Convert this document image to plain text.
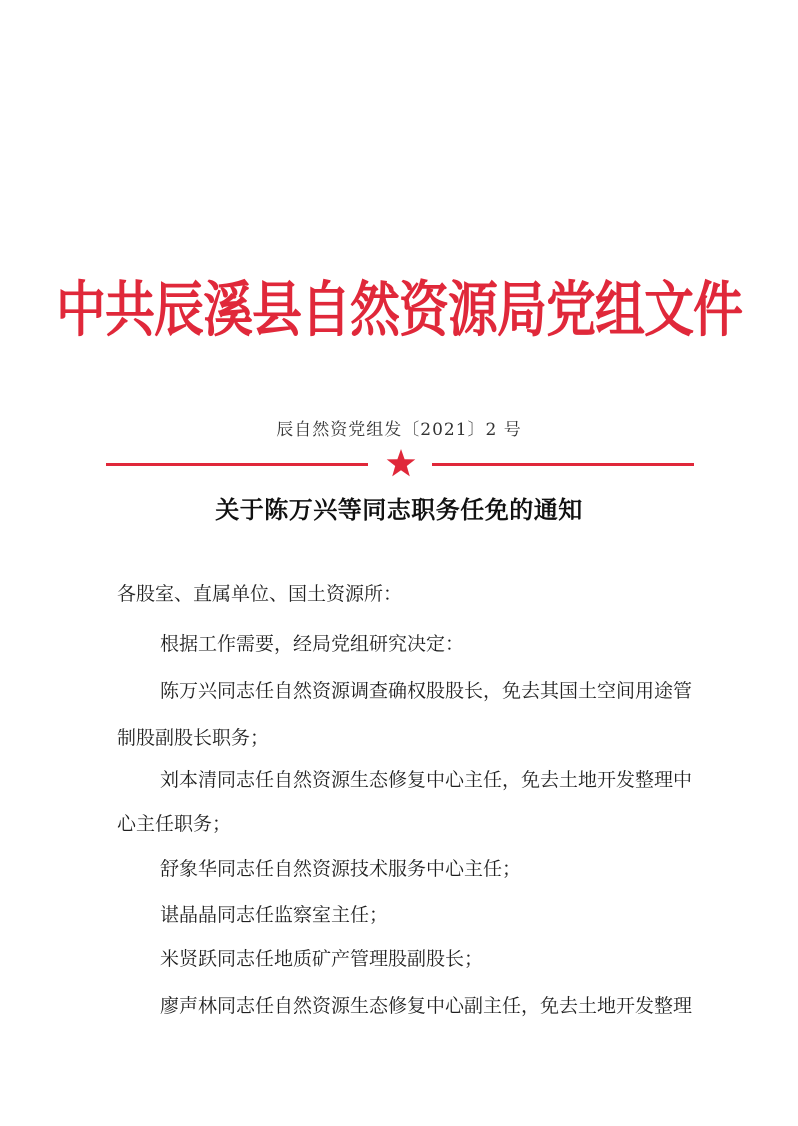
中共辰溪县自然资源局党组文件
辰自然资党组发〔2021〕2 号
关于陈万兴等同志职务任免的通知
各股室、直属单位、国土资源所：
根据工作需要，经局党组研究决定：
陈万兴同志任自然资源调查确权股股长，免去其国土空间用途管
制股副股长职务；
刘本清同志任自然资源生态修复中心主任，免去土地开发整理中
心主任职务；
舒象华同志任自然资源技术服务中心主任；
谌晶晶同志任监察室主任；
米贤跃同志任地质矿产管理股副股长；
廖声林同志任自然资源生态修复中心副主任，免去土地开发整理
